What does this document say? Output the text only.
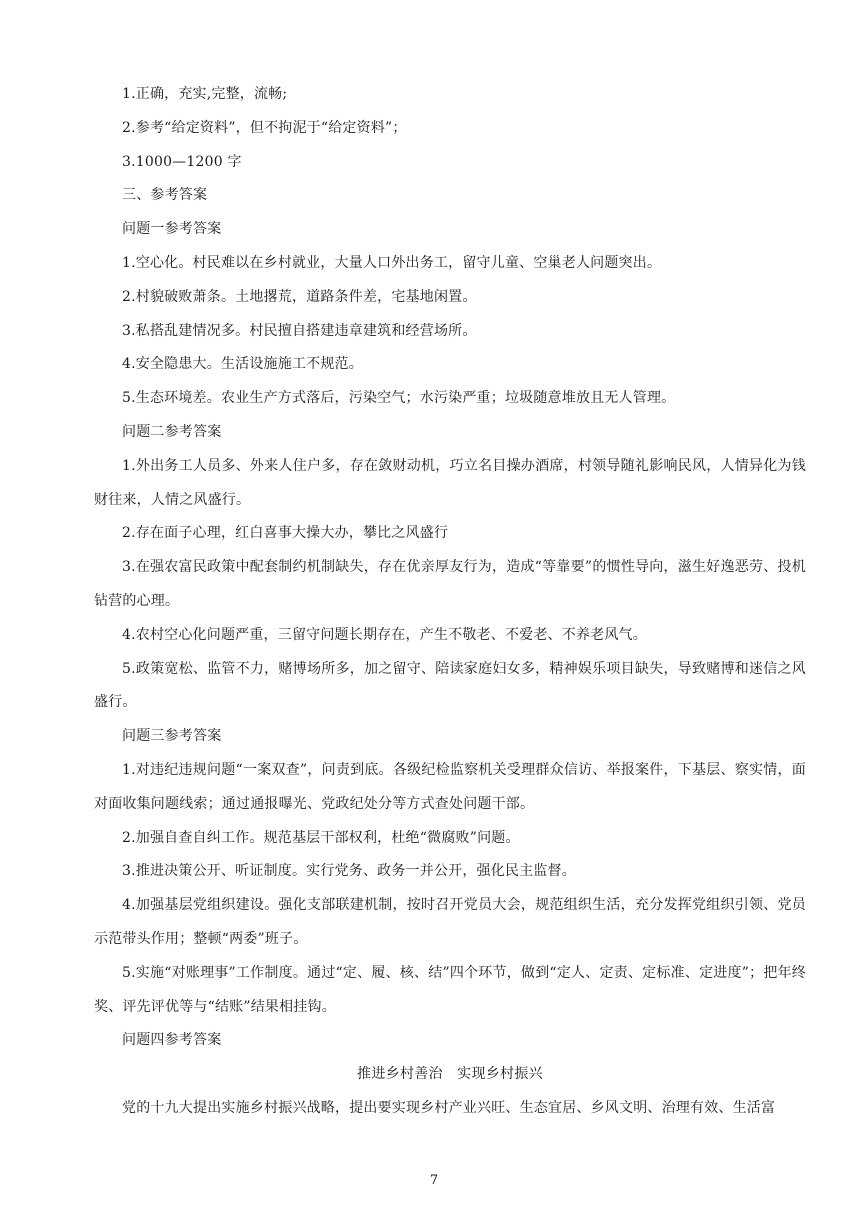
1.正确，充实,完整，流畅;

2.参考“给定资料”，但不拘泥于“给定资料”；

3.1000—1200 字

三、参考答案

问题一参考答案

1.空心化。村民难以在乡村就业，大量人口外出务工，留守儿童、空巢老人问题突出。

2.村貌破败萧条。土地撂荒，道路条件差，宅基地闲置。

3.私搭乱建情况多。村民擅自搭建违章建筑和经营场所。

4.安全隐患大。生活设施施工不规范。

5.生态环境差。农业生产方式落后，污染空气；水污染严重；垃圾随意堆放且无人管理。

问题二参考答案

1.外出务工人员多、外来人住户多，存在敛财动机，巧立名目操办酒席，村领导随礼影响民风，人情异化为钱财往来，人情之风盛行。

2.存在面子心理，红白喜事大操大办，攀比之风盛行

3.在强农富民政策中配套制约机制缺失，存在优亲厚友行为，造成“等靠要”的惯性导向，滋生好逸恶劳、投机钻营的心理。

4.农村空心化问题严重，三留守问题长期存在，产生不敬老、不爱老、不养老风气。

5.政策宽松、监管不力，赌博场所多，加之留守、陪读家庭妇女多，精神娱乐项目缺失，导致赌博和迷信之风盛行。

问题三参考答案

1.对违纪违规问题“一案双查”，问责到底。各级纪检监察机关受理群众信访、举报案件，下基层、察实情，面对面收集问题线索；通过通报曝光、党政纪处分等方式查处问题干部。

2.加强自查自纠工作。规范基层干部权利，杜绝“微腐败”问题。

3.推进决策公开、听证制度。实行党务、政务一并公开，强化民主监督。

4.加强基层党组织建设。强化支部联建机制，按时召开党员大会，规范组织生活，充分发挥党组织引领、党员示范带头作用；整顿“两委”班子。

5.实施“对账理事”工作制度。通过“定、履、核、结”四个环节，做到“定人、定责、定标准、定进度”；把年终奖、评先评优等与“结账”结果相挂钩。

问题四参考答案

推进乡村善治　实现乡村振兴

党的十九大提出实施乡村振兴战略，提出要实现乡村产业兴旺、生态宜居、乡风文明、治理有效、生活富

7
